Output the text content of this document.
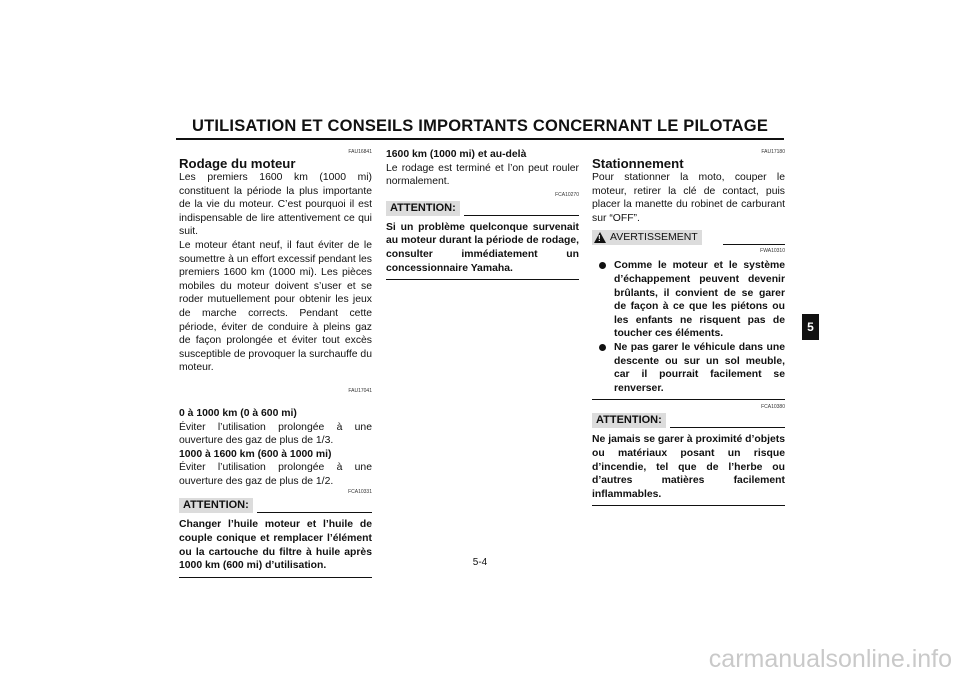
UTILISATION ET CONSEILS IMPORTANTS CONCERNANT LE PILOTAGE
FAU16841
Rodage du moteur

Les premiers 1600 km (1000 mi) constituent la période la plus importante de la vie du moteur. C’est pourquoi il est indispensable de lire attentivement ce qui suit.

Le moteur étant neuf, il faut éviter de le soumettre à un effort excessif pendant les premiers 1600 km (1000 mi). Les pièces mobiles du moteur doivent s’user et se roder mutuellement pour obtenir les jeux de marche corrects. Pendant cette période, éviter de conduire à pleins gaz de façon prolongée et éviter tout excès susceptible de provoquer la surchauffe du moteur.

FAU17041
0 à 1000 km (0 à 600 mi)

Éviter l’utilisation prolongée à une ouverture des gaz de plus de 1/3.

1000 à 1600 km (600 à 1000 mi)

Éviter l’utilisation prolongée à une ouverture des gaz de plus de 1/2.

FCA10331
ATTENTION:

Changer l’huile moteur et l’huile de couple conique et remplacer l’élément ou la cartouche du filtre à huile après 1000 km (600 mi) d’utilisation.

1600 km (1000 mi) et au-delà

Le rodage est terminé et l’on peut rouler normalement.

FCA10270
ATTENTION:

Si un problème quelconque survenait au moteur durant la période de rodage, consulter immédiatement un concessionnaire Yamaha.

FAU17180
Stationnement

Pour stationner la moto, couper le moteur, retirer la clé de contact, puis placer la manette du robinet de carburant sur “OFF”.

! AVERTISSEMENT
FWA10310
Comme le moteur et le système d’échappement peuvent devenir brûlants, il convient de se garer de façon à ce que les piétons ou les enfants ne risquent pas de toucher ces éléments.
Ne pas garer le véhicule dans une descente ou sur un sol meuble, car il pourrait facilement se renverser.
FCA10380
ATTENTION:

Ne jamais se garer à proximité d’objets ou matériaux posant un risque d’incendie, tel que de l’herbe ou d’autres matières facilement inflammables.

5
5-4
carmanualsonline.info
